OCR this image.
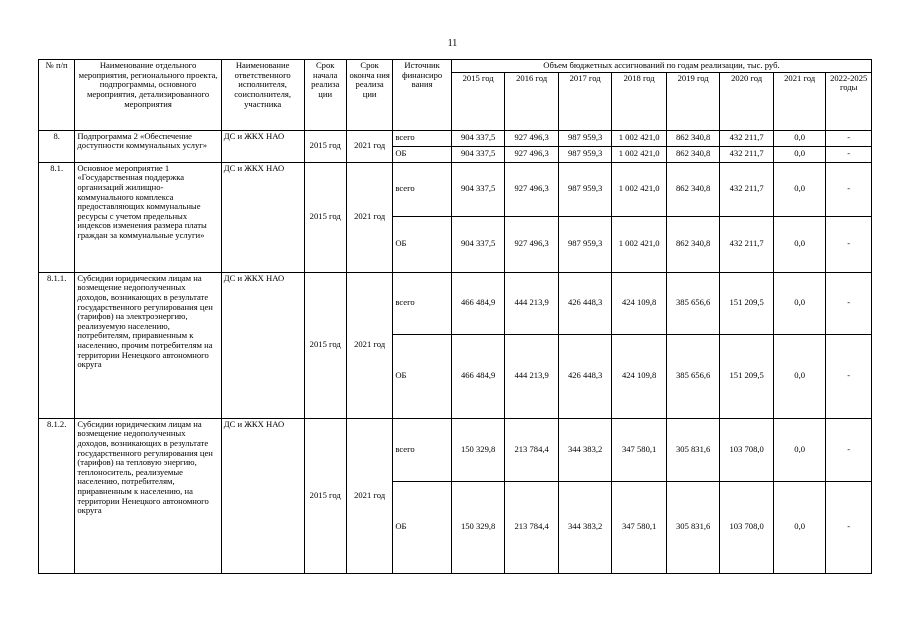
11
№ п/п	Наименование отдельного мероприятия, регионального проекта, подпрограммы, основного мероприятия, детализированного мероприятия	Наименование ответственного исполнителя, соисполнителя, участника	Срок начала реализа ции	Срок оконча ния реализа ции	Источник финансиро вания	Объем бюджетных ассигнований по годам реализации, тыс. руб.							
						2015 год	2016 год	2017 год	2018 год	2019 год	2020 год	2021 год	2022-2025 годы
8.	Подпрограмма 2 «Обеспечение доступности коммунальных услуг»	ДС и ЖКХ НАО	2015 год	2021 год	всего	904 337,5	927 496,3	987 959,3	1 002 421,0	862 340,8	432 211,7	0,0	-
					ОБ	904 337,5	927 496,3	987 959,3	1 002 421,0	862 340,8	432 211,7	0,0	-
8.1.	Основное мероприятие 1 «Государственная поддержка организаций жилищно-коммунального комплекса предоставляющих коммунальные ресурсы с учетом предельных индексов изменения размера платы граждан за коммунальные услуги»	ДС и ЖКХ НАО	2015 год	2021 год	всего	904 337,5	927 496,3	987 959,3	1 002 421,0	862 340,8	432 211,7	0,0	-
					ОБ	904 337,5	927 496,3	987 959,3	1 002 421,0	862 340,8	432 211,7	0,0	-
8.1.1.	Субсидии юридическим лицам на возмещение недополученных доходов, возникающих в результате государственного регулирования цен (тарифов) на электроэнергию, реализуемую населению, потребителям, приравненным к населению, прочим потребителям на территории Ненецкого автономного округа	ДС и ЖКХ НАО	2015 год	2021 год	всего	466 484,9	444 213,9	426 448,3	424 109,8	385 656,6	151 209,5	0,0	-
					ОБ	466 484,9	444 213,9	426 448,3	424 109,8	385 656,6	151 209,5	0,0	-
8.1.2.	Субсидии юридическим лицам на возмещение недополученных доходов, возникающих в результате государственного регулирования цен (тарифов) на тепловую энергию, теплоноситель, реализуемые населению, потребителям, приравненным к населению, на территории Ненецкого автономного округа	ДС и ЖКХ НАО	2015 год	2021 год	всего	150 329,8	213 784,4	344 383,2	347 580,1	305 831,6	103 708,0	0,0	-
					ОБ	150 329,8	213 784,4	344 383,2	347 580,1	305 831,6	103 708,0	0,0	-
